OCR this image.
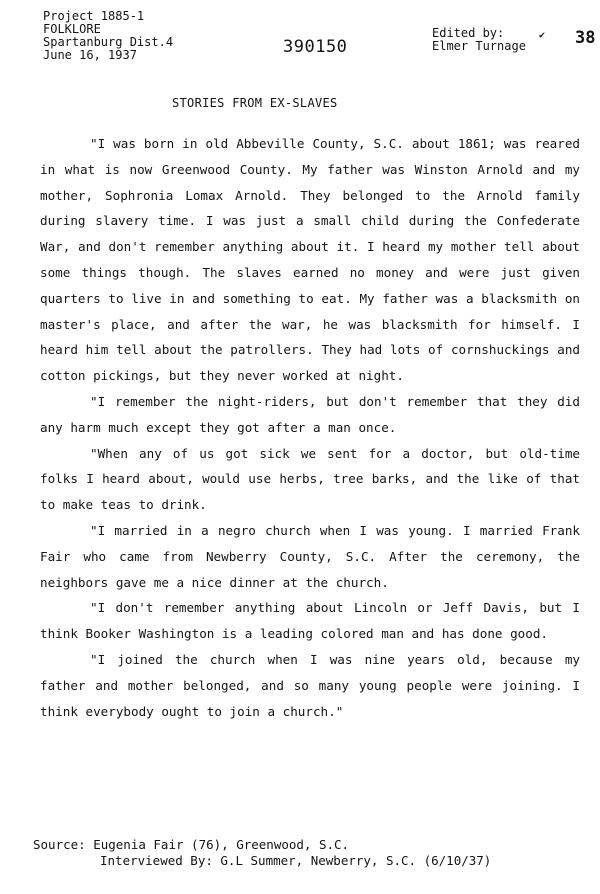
Project 1885-1
FOLKLORE
Spartanburg Dist.4
June 16, 1937	390150
Edited by:
Elmer Turnage
✔ 38
STORIES FROM EX-SLAVES

"I was born in old Abbeville County, S.C. about 1861; was reared in what is now Greenwood County. My father was Winston Arnold and my mother, Sophronia Lomax Arnold. They belonged to the Arnold family during slavery time. I was just a small child during the Confederate War, and don't remember anything about it. I heard my mother tell about some things though. The slaves earned no money and were just given quarters to live in and something to eat. My father was a blacksmith on master's place, and after the war, he was blacksmith for himself. I heard him tell about the patrollers. They had lots of cornshuckings and cotton pickings, but they never worked at night.

"I remember the night-riders, but don't remember that they did any harm much except they got after a man once.

"When any of us got sick we sent for a doctor, but old-time folks I heard about, would use herbs, tree barks, and the like of that to make teas to drink.

"I married in a negro church when I was young. I married Frank Fair who came from Newberry County, S.C. After the ceremony, the neighbors gave me a nice dinner at the church.

"I don't remember anything about Lincoln or Jeff Davis, but I think Booker Washington is a leading colored man and has done good.

"I joined the church when I was nine years old, because my father and mother belonged, and so many young people were joining. I think everybody ought to join a church."

Source: Eugenia Fair (76), Greenwood, S.C.
Interviewed By: G.L Summer, Newberry, S.C. (6/10/37)
